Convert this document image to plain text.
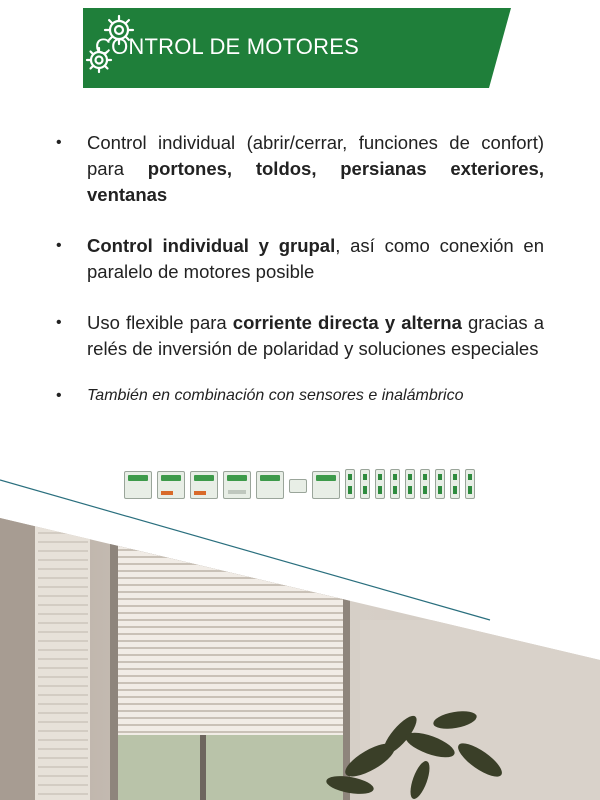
CONTROL DE MOTORES
• Control individual (abrir/cerrar, funciones de confort) para portones, toldos, persianas exteriores, ventanas
• Control individual y grupal, así como conexión en paralelo de motores posible
• Uso flexible para corriente directa y alterna gracias a relés de inversión de polaridad y soluciones especiales
• También en combinación con sensores e inalámbrico
